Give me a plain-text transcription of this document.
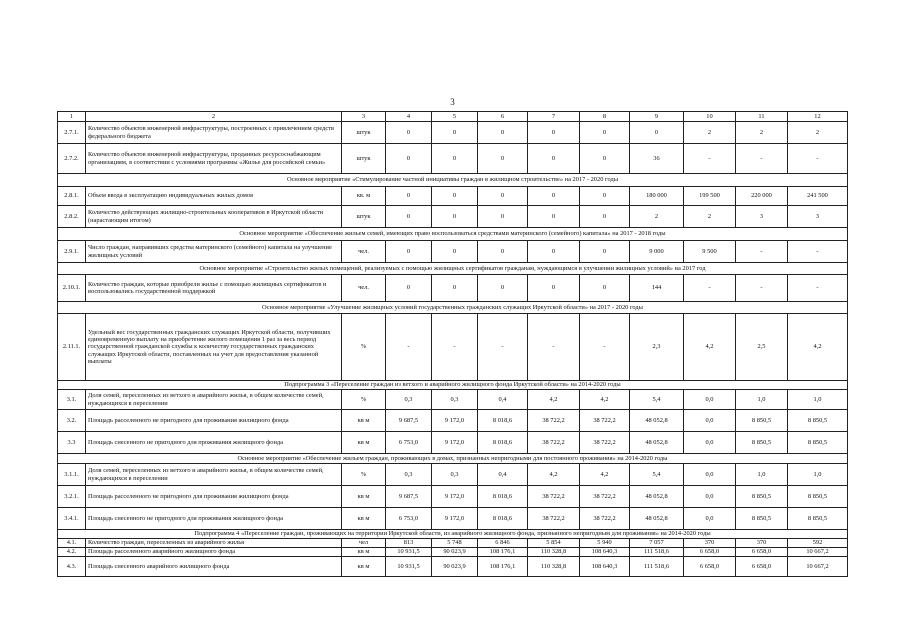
3
1	2	3	4	5	6	7	8	9	10	11	12
2.7.1.	Количество объектов инженерной инфраструктуры, построенных с привлечением средств федерального бюджета	штук	0	0	0	0	0	0	2	2	2
2.7.2.	Количество объектов инженерной инфраструктуры, проданных ресурсоснабжающим организациям, в соответствии с условиями программы «Жилье для российской семьи»	штук	0	0	0	0	0	36	-	-	-
Основное мероприятие «Стимулирование частной инициативы граждан в жилищном строительстве» на 2017 - 2020 годы											
2.8.1.	Объем ввода в эксплуатацию индивидуальных жилых домов	кв. м	0	0	0	0	0	180 000	199 500	220 000	241 500
2.8.2.	Количество действующих жилищно-строительных кооперативов в Иркутской области (нарастающим итогом)	штук	0	0	0	0	0	2	2	3	3
Основное мероприятие «Обеспечение жильем семей, имеющих право воспользоваться средствами материнского (семейного) капитала» на 2017 - 2018 годы											
2.9.1.	Число граждан, направивших средства материнского (семейного) капитала на улучшение жилищных условий	чел.	0	0	0	0	0	9 000	9 500	-	-
Основное мероприятие «Строительство жилых помещений, реализуемых с помощью жилищных сертификатов гражданам, нуждающимся в улучшении жилищных условий» на 2017 год											
2.10.1.	Количество граждан, которые приобрели жилье с помощью жилищных сертификатов и воспользовались государственной поддержкой	чел.	0	0	0	0	0	144	-	-	-
Основное мероприятие «Улучшение жилищных условий государственных гражданских служащих Иркутской области» на 2017 - 2020 годы											
2.11.1.	Удельный вес государственных гражданских служащих Иркутской области, получивших единовременную выплату на приобретение жилого помещения 1 раз за весь период государственной гражданской службы к количеству государственных гражданских служащих Иркутской области, поставленных на учет для предоставления указанной выплаты	%	-	-	-	-	-	2,3	4,2	2,5	4,2
Подпрограмма 3 «Переселение граждан из ветхого и аварийного жилищного фонда Иркутской области» на 2014-2020 годы											
3.1.	Доля семей, переселенных из ветхого и аварийного жилья, в общем количестве семей, нуждающихся в переселении	%	0,3	0,3	0,4	4,2	4,2	5,4	0,0	1,0	1,0
3.2.	Площадь расселенного не пригодного для проживания жилищного фонда	кв м	9 687,5	9 172,0	8 018,6	38 722,2	38 722,2	48 052,8	0,0	8 850,5	8 850,5
3.3	Площадь снесенного не пригодного для проживания жилищного фонда	кв м	6 753,0	9 172,0	8 018,6	38 722,2	38 722,2	48 052,8	0,0	8 850,5	8 850,5
Основное мероприятие «Обеспечение жильем граждан, проживающих в домах, признанных непригодными для постоянного проживания» на 2014-2020 годы											
3.1.1.	Доля семей, переселенных из ветхого и аварийного жилья, в общем количестве семей, нуждающихся в переселении	%	0,3	0,3	0,4	4,2	4,2	5,4	0,0	1,0	1,0
3.2.1.	Площадь расселенного не пригодного для проживания жилищного фонда	кв м	9 687,5	9 172,0	8 018,6	38 722,2	38 722,2	48 052,8	0,0	8 850,5	8 850,5
3.4.1.	Площадь снесенного не пригодного для проживания жилищного фонда	кв м	6 753,0	9 172,0	8 018,6	38 722,2	38 722,2	48 052,8	0,0	8 850,5	8 850,5
Подпрограмма 4 «Переселение граждан, проживающих на территории Иркутской области, из аварийного жилищного фонда, признанного непригодным для проживания» на 2014-2020 годы											
4.1.	Количество граждан, переселенных из аварийного жилья	чел	813	5 748	6 846	5 854	5 940	7 057	370	370	592
4.2.	Площадь расселенного аварийного жилищного фонда	кв м	10 931,5	90 023,9	108 176,1	110 328,8	108 640,3	111 518,6	6 658,0	6 658,0	10 667,2
4.3.	Площадь снесенного аварийного жилищного фонда	кв м	10 931,5	90 023,9	108 176,1	110 328,8	108 640,3	111 518,6	6 658,0	6 658,0	10 667,2
